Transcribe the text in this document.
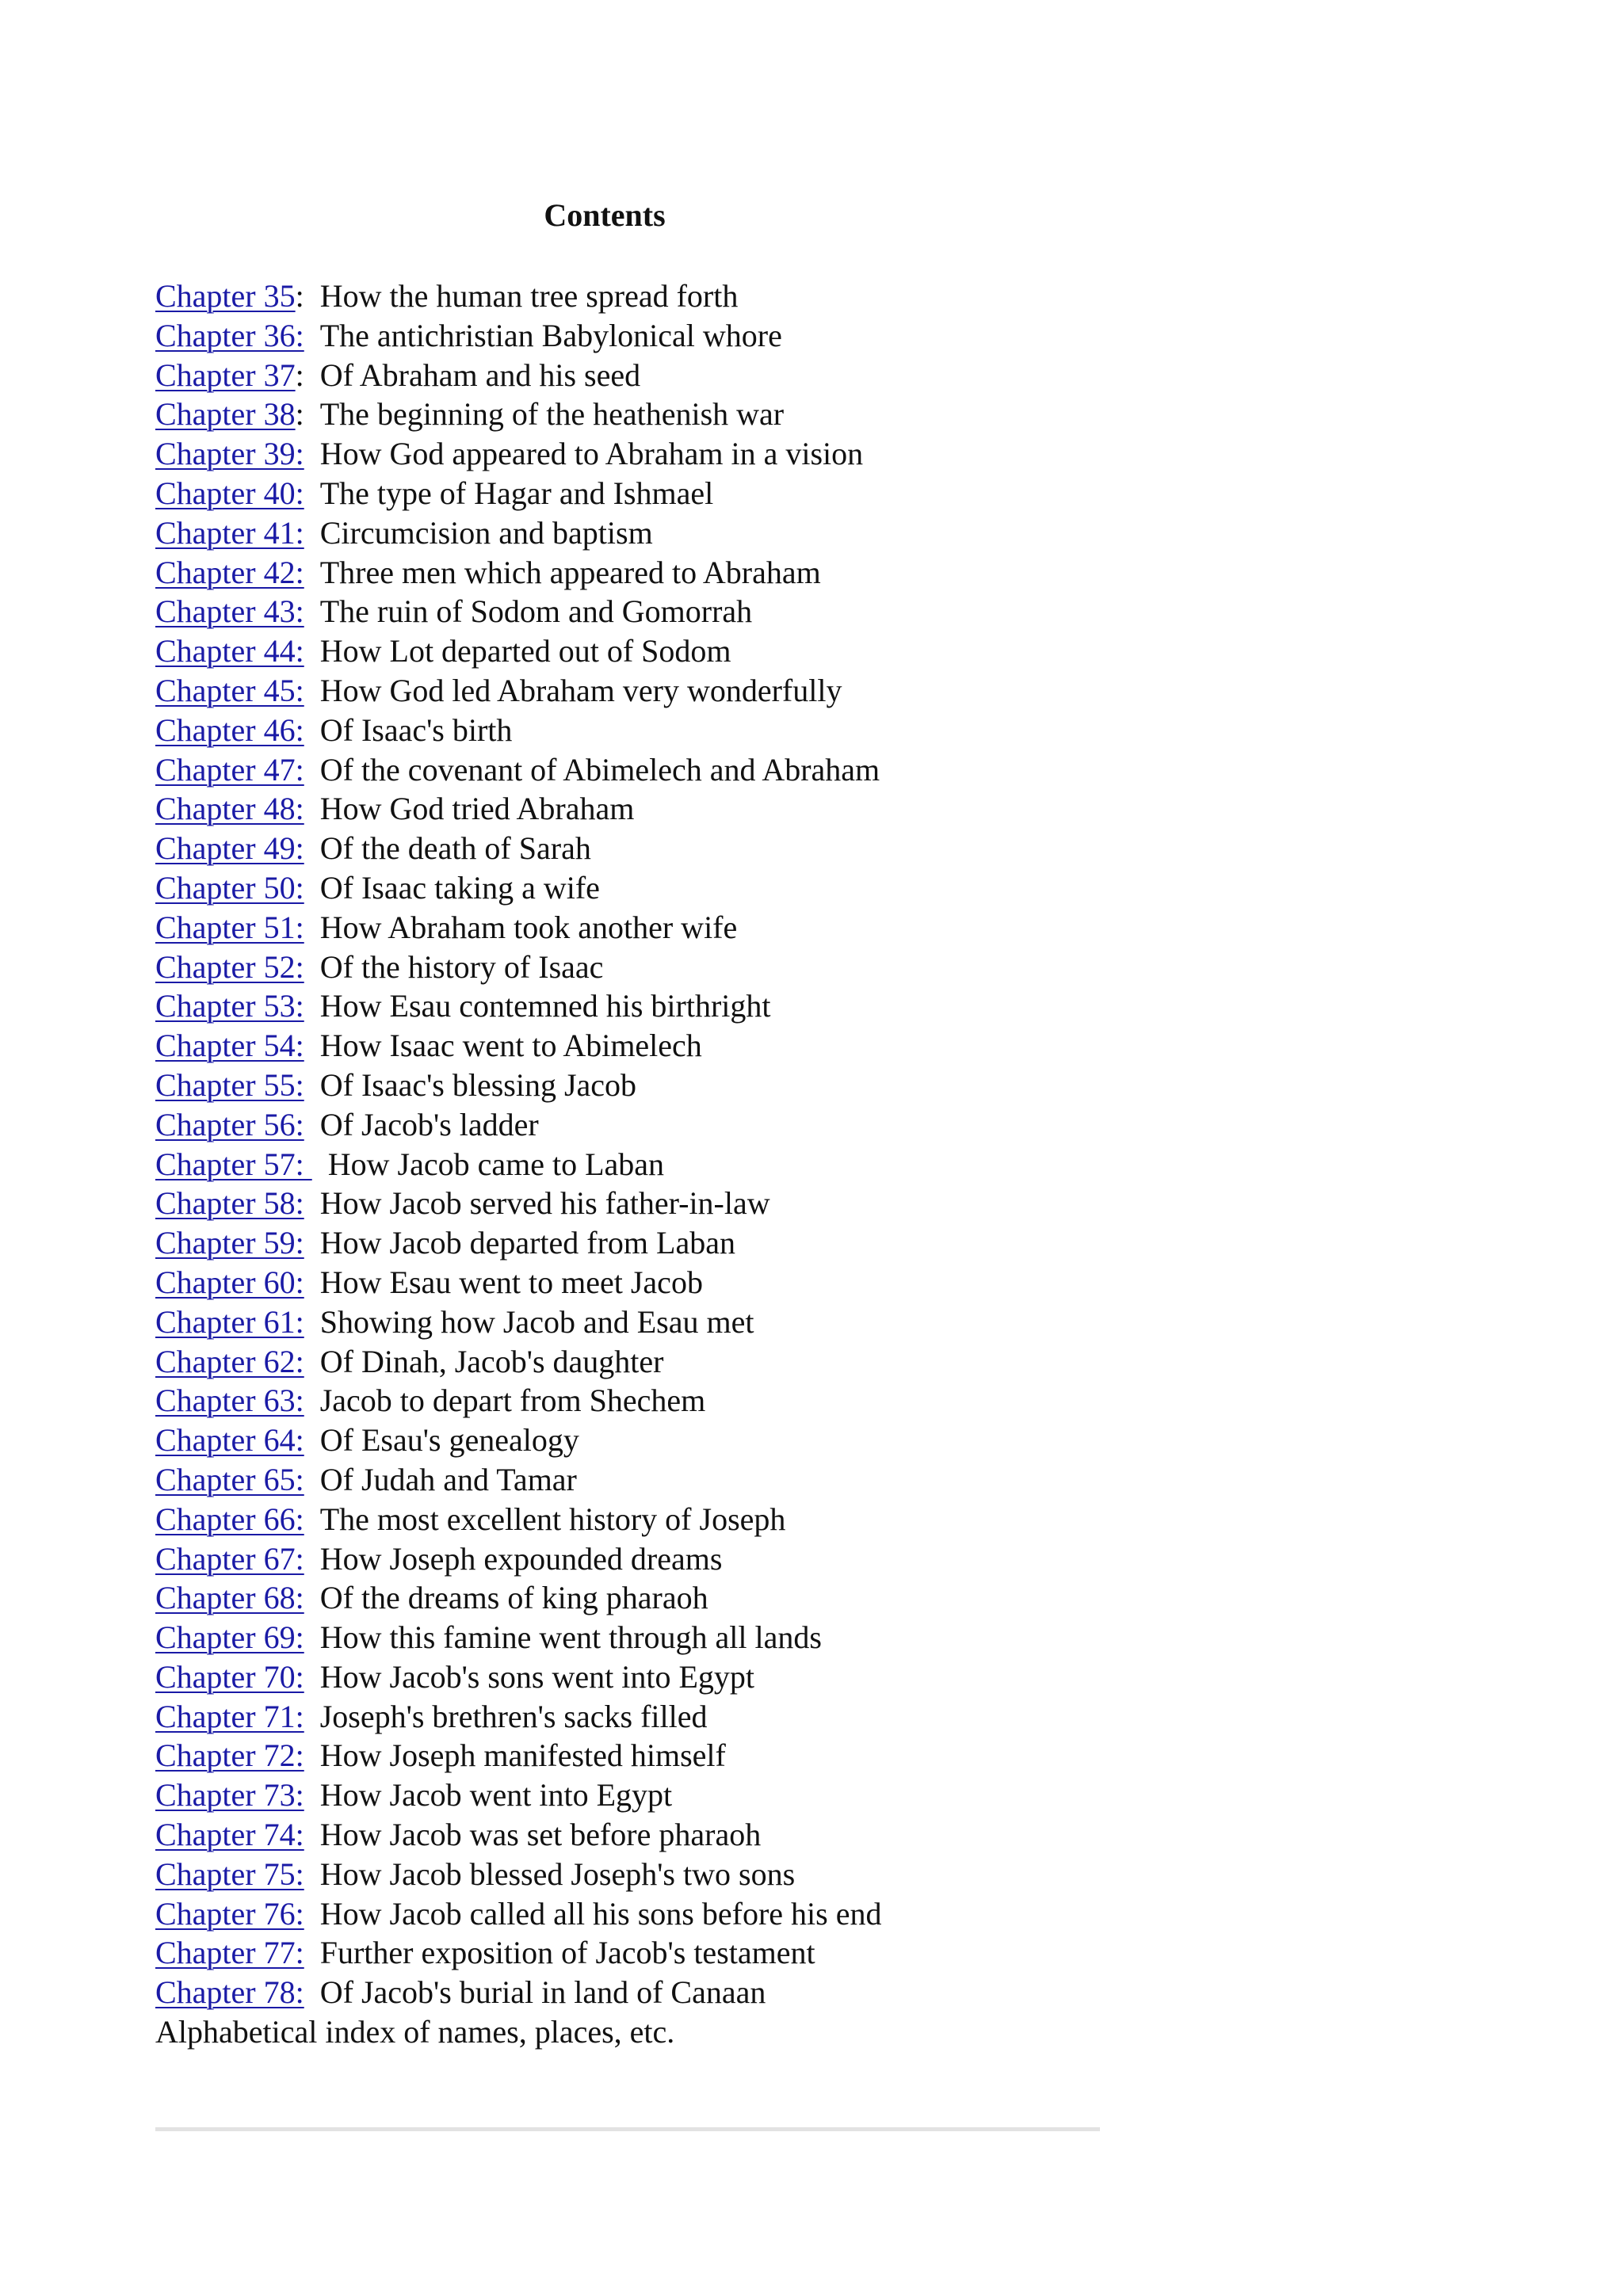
Contents
Chapter 35: How the human tree spread forth
Chapter 36: The antichristian Babylonical whore
Chapter 37: Of Abraham and his seed
Chapter 38: The beginning of the heathenish war
Chapter 39: How God appeared to Abraham in a vision
Chapter 40: The type of Hagar and Ishmael
Chapter 41: Circumcision and baptism
Chapter 42: Three men which appeared to Abraham
Chapter 43: The ruin of Sodom and Gomorrah
Chapter 44: How Lot departed out of Sodom
Chapter 45: How God led Abraham very wonderfully
Chapter 46: Of Isaac's birth
Chapter 47: Of the covenant of Abimelech and Abraham
Chapter 48: How God tried Abraham
Chapter 49: Of the death of Sarah
Chapter 50: Of Isaac taking a wife
Chapter 51: How Abraham took another wife
Chapter 52: Of the history of Isaac
Chapter 53: How Esau contemned his birthright
Chapter 54: How Isaac went to Abimelech
Chapter 55: Of Isaac's blessing Jacob
Chapter 56: Of Jacob's ladder
Chapter 57: How Jacob came to Laban
Chapter 58: How Jacob served his father-in-law
Chapter 59: How Jacob departed from Laban
Chapter 60: How Esau went to meet Jacob
Chapter 61: Showing how Jacob and Esau met
Chapter 62: Of Dinah, Jacob's daughter
Chapter 63: Jacob to depart from Shechem
Chapter 64: Of Esau's genealogy
Chapter 65: Of Judah and Tamar
Chapter 66: The most excellent history of Joseph
Chapter 67: How Joseph expounded dreams
Chapter 68: Of the dreams of king pharaoh
Chapter 69: How this famine went through all lands
Chapter 70: How Jacob's sons went into Egypt
Chapter 71: Joseph's brethren's sacks filled
Chapter 72: How Joseph manifested himself
Chapter 73: How Jacob went into Egypt
Chapter 74: How Jacob was set before pharaoh
Chapter 75: How Jacob blessed Joseph's two sons
Chapter 76: How Jacob called all his sons before his end
Chapter 77: Further exposition of Jacob's testament
Chapter 78: Of Jacob's burial in land of Canaan
Alphabetical index of names, places, etc.
